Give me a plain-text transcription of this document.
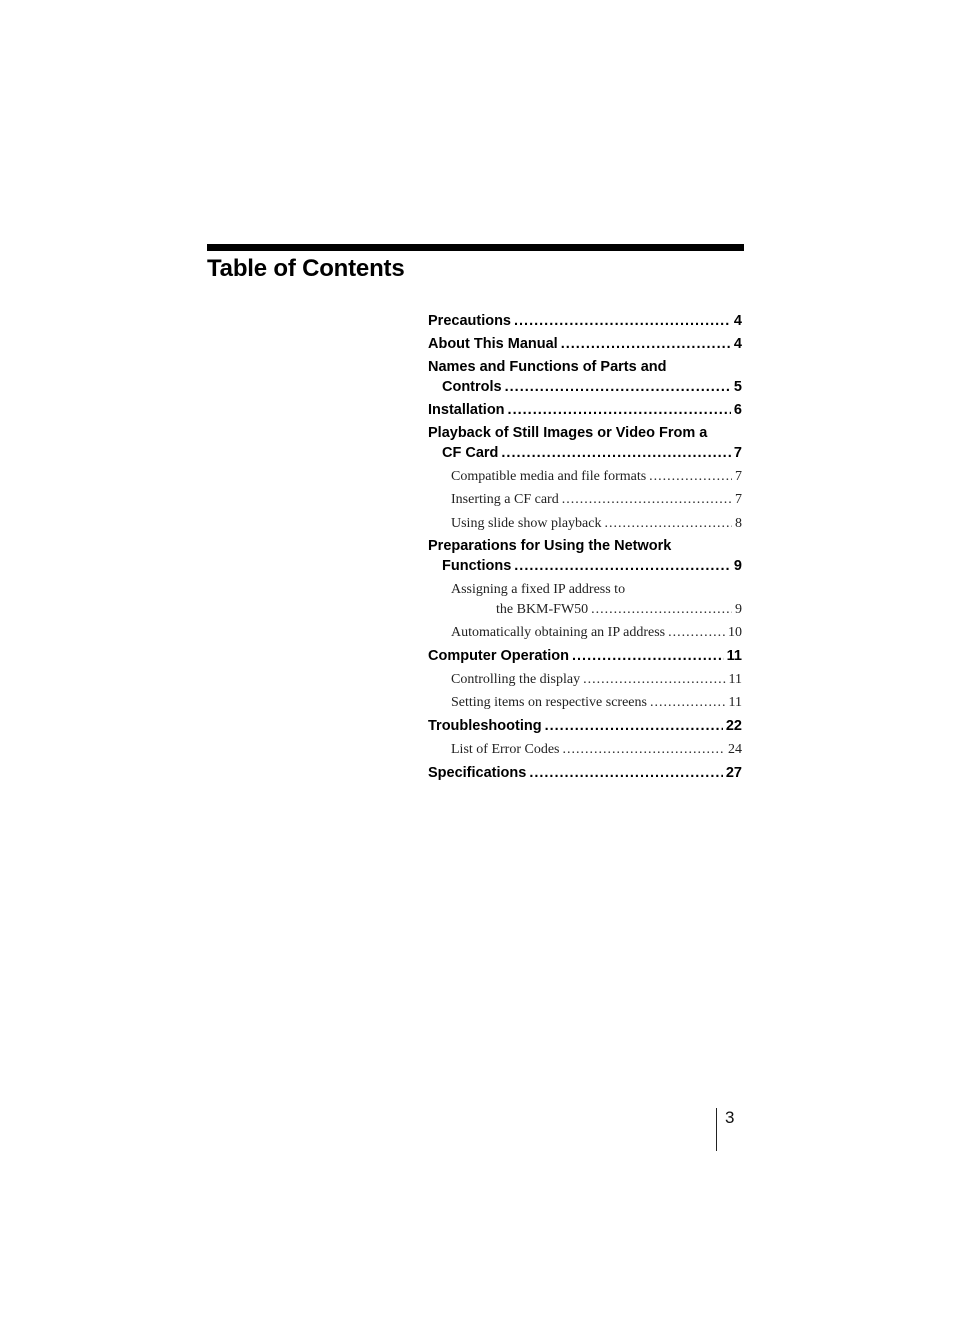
Table of Contents
Precautions .....	4
About This Manual .....	4
Names and Functions of Parts and
Controls .....	5
Installation .....	6
Playback of Still Images or Video From a
CF Card .....	7
Compatible media and file formats .....	7
Inserting a CF card .....	7
Using slide show playback .....	8
Preparations for Using the Network
Functions .....	9
Assigning a fixed IP address to
the BKM-FW50 .....	9
Automatically obtaining an IP address .....	10
Computer Operation .....	11
Controlling the display .....	11
Setting items on respective screens .....	11
Troubleshooting .....	22
List of Error Codes .....	24
Specifications .....	27
3
